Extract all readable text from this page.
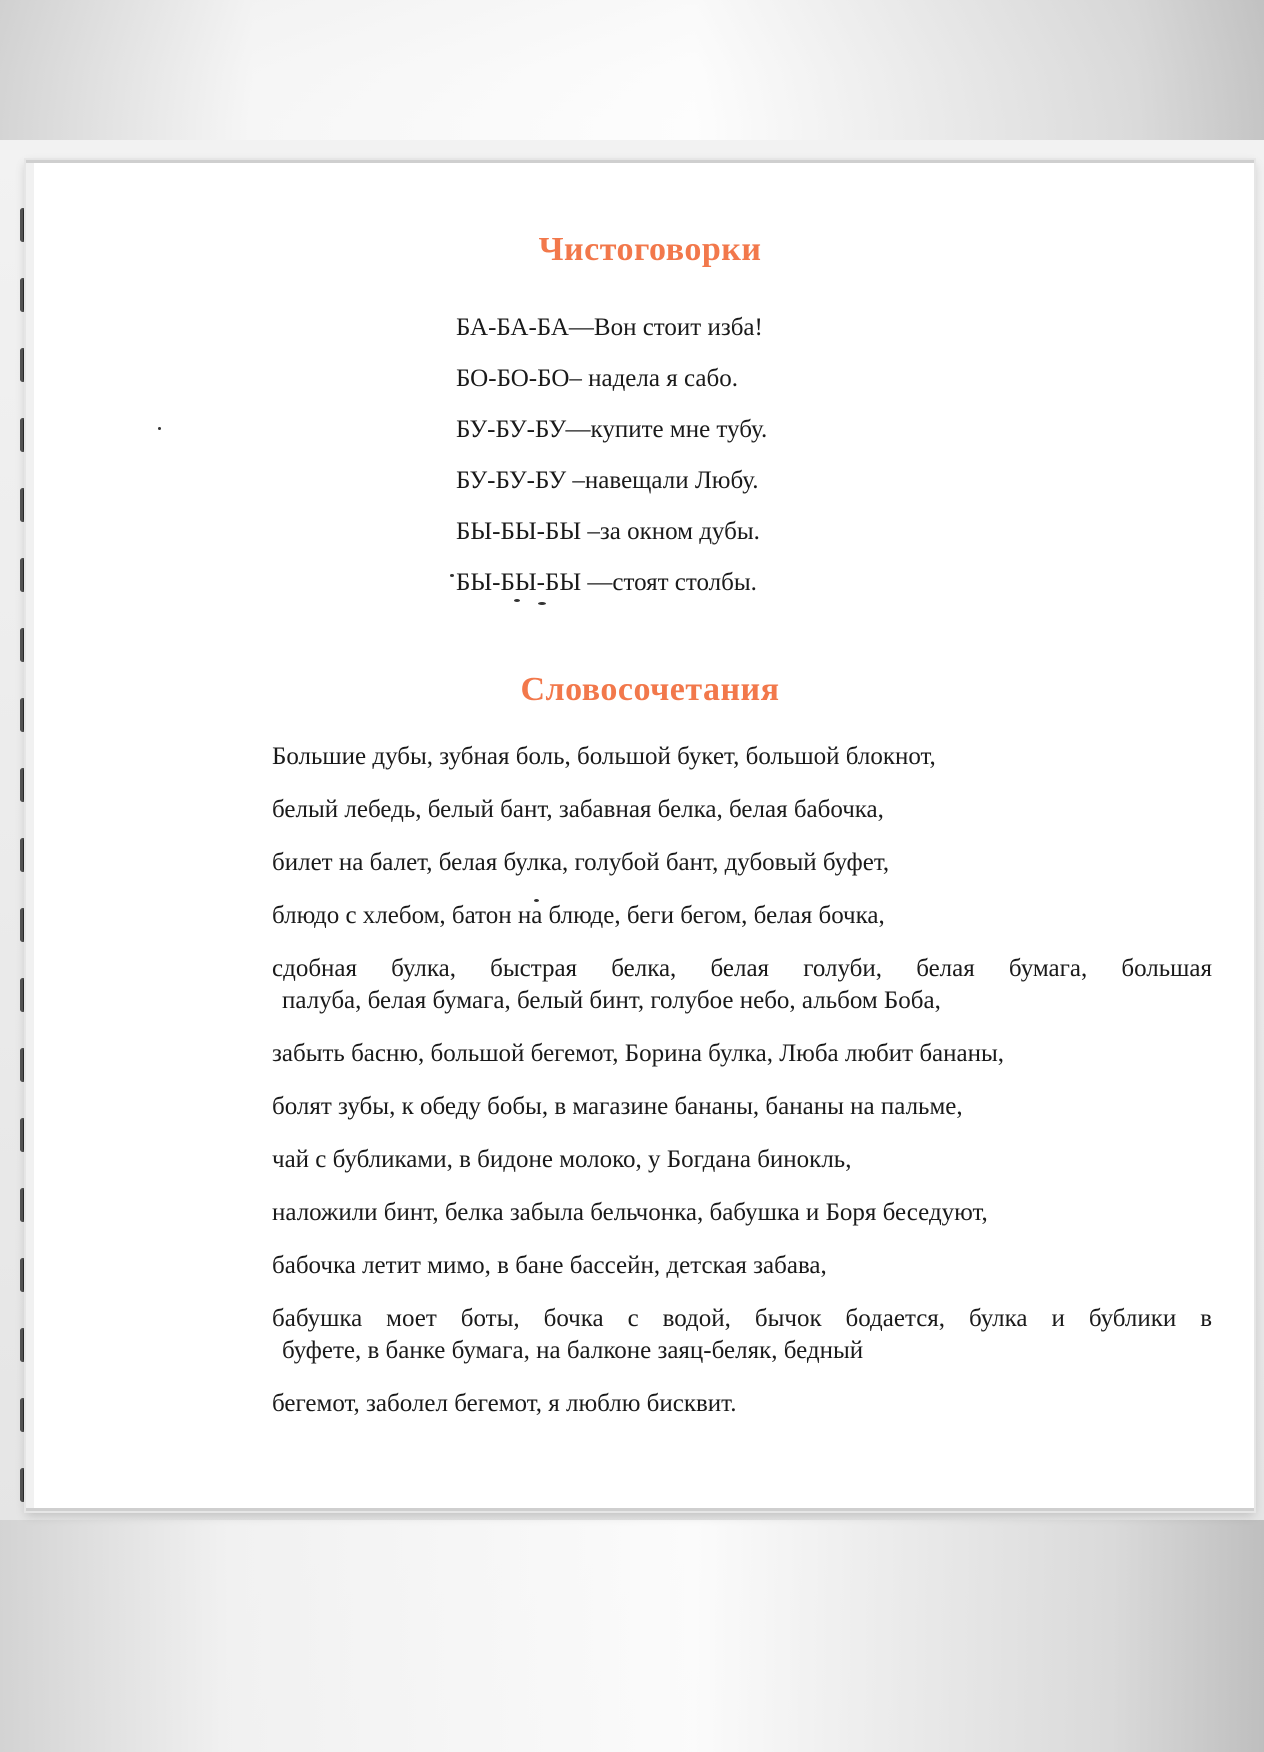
Чистоговорки
БА-БА-БА—Вон стоит изба!
БО-БО-БО– надела я сабо.
БУ-БУ-БУ—купите мне тубу.
БУ-БУ-БУ –навещали Любу.
БЫ-БЫ-БЫ –за окном дубы.
БЫ-БЫ-БЫ —стоят столбы.
Словосочетания
Большие дубы, зубная боль, большой букет, большой блокнот,
белый лебедь, белый бант, забавная белка, белая бабочка,
билет на балет, белая булка, голубой бант, дубовый буфет,
блюдо с хлебом, батон на блюде, беги бегом, белая бочка,
сдобная булка, быстрая белка, белая голуби, белая бумага, большая
палуба, белая бумага, белый бинт, голубое небо, альбом Боба,
забыть басню, большой бегемот, Борина булка, Люба любит бананы,
болят зубы, к обеду бобы, в магазине бананы, бананы на пальме,
чай с бубликами, в бидоне молоко, у Богдана бинокль,
наложили бинт, белка забыла бельчонка, бабушка и Боря беседуют,
бабочка летит мимо, в бане бассейн, детская забава,
бабушка моет боты, бочка с водой, бычок бодается, булка и бублики в
буфете, в банке бумага, на балконе заяц-беляк, бедный
бегемот, заболел бегемот, я люблю бисквит.
